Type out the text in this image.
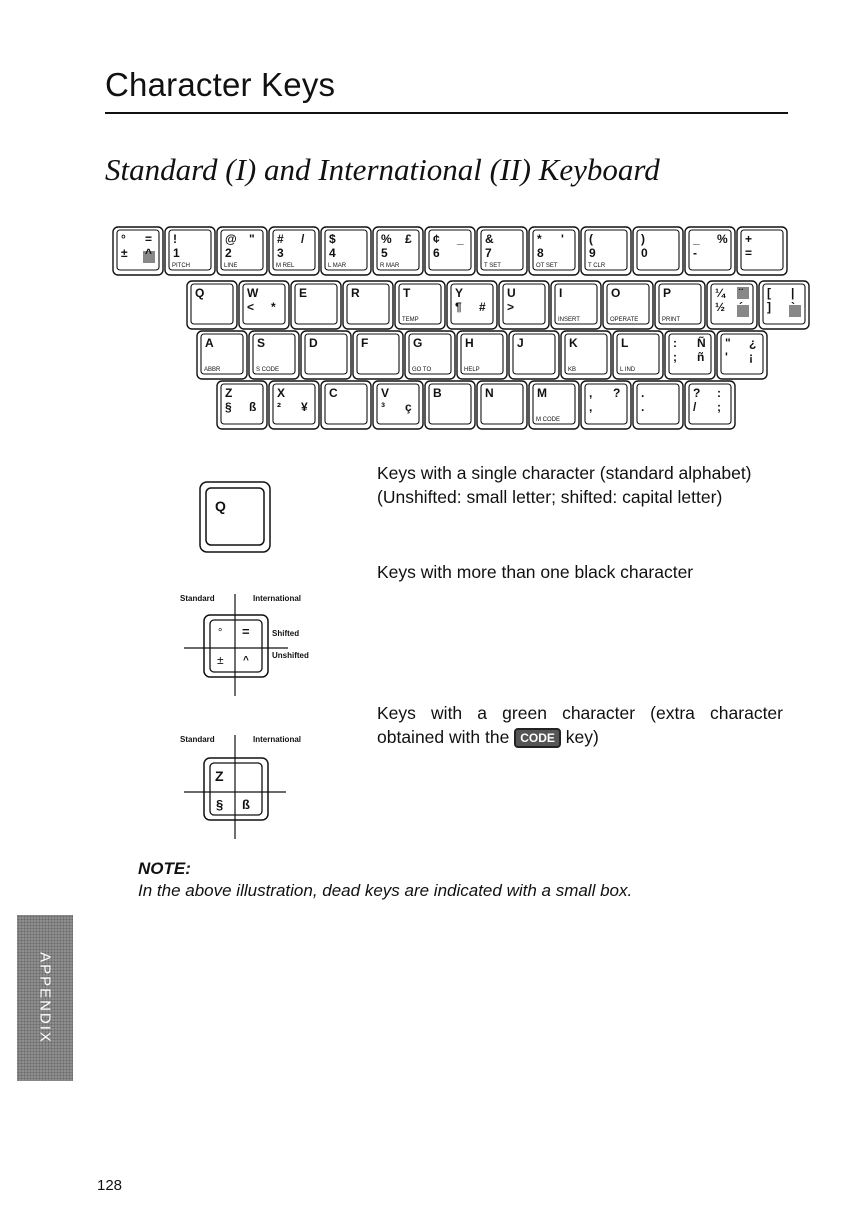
Character Keys
Standard (I) and International (II) Keyboard
° =
± ^
!
1
PITCH
@ "
2
LINE
# /
3
M REL
$
4
L MAR
% £
5
R MAR
¢ _
6
&
7
T SET
* '
8
OT SET
(
9
T CLR
)
0
_ %
-
+
=
Q	W
< *
E	R	T
TEMP
Y
¶ #
U
>
I
INSERT
O
OPERATE
P
PRINT
¼ ¨
½ ´
[ |
] `
A
ABBR
S
S CODE
D	F	G
GO TO
H
HELP
J	K
KB
L
L IND
: Ñ
; ñ
" ¿
' ¡
Z
§ ß
X
² ¥
C	V
³ ç
B	N	M
M CODE
, ?
,
.
.
? :
/ ;
Q
Standard	International
° =
± ^
Shifted
Unshifted
Standard	International
Z
§ ß
Keys with a single character (standard alphabet)
(Unshifted: small letter; shifted: capital letter)
Keys with more than one black character
Keys with a green character (extra character obtained with the CODE key)
NOTE:
In the above illustration, dead keys are indicated with a small box.
APPENDIX
128
